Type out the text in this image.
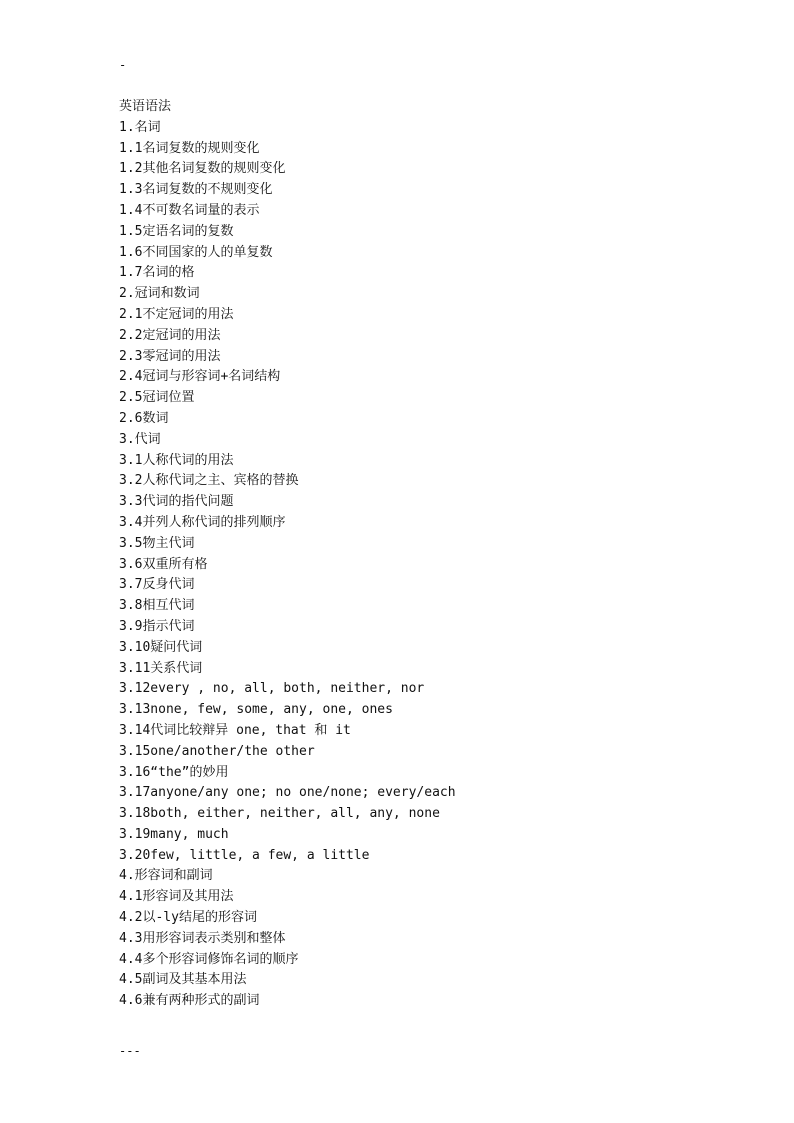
-
英语语法
1.名词
1.1名词复数的规则变化
1.2其他名词复数的规则变化
1.3名词复数的不规则变化
1.4不可数名词量的表示
1.5定语名词的复数
1.6不同国家的人的单复数
1.7名词的格
2.冠词和数词
2.1不定冠词的用法
2.2定冠词的用法
2.3零冠词的用法
2.4冠词与形容词+名词结构
2.5冠词位置
2.6数词
3.代词
3.1人称代词的用法
3.2人称代词之主、宾格的替换
3.3代词的指代问题
3.4并列人称代词的排列顺序
3.5物主代词
3.6双重所有格
3.7反身代词
3.8相互代词
3.9指示代词
3.10疑问代词
3.11关系代词
3.12every , no, all, both, neither, nor
3.13none, few, some, any, one, ones
3.14代词比较辩异 one, that 和 it
3.15one/another/the other
3.16“the”的妙用
3.17anyone/any one; no one/none; every/each
3.18both, either, neither, all, any, none
3.19many, much
3.20few, little, a few, a little
4.形容词和副词
4.1形容词及其用法
4.2以-ly结尾的形容词
4.3用形容词表示类别和整体
4.4多个形容词修饰名词的顺序
4.5副词及其基本用法
4.6兼有两种形式的副词
---
